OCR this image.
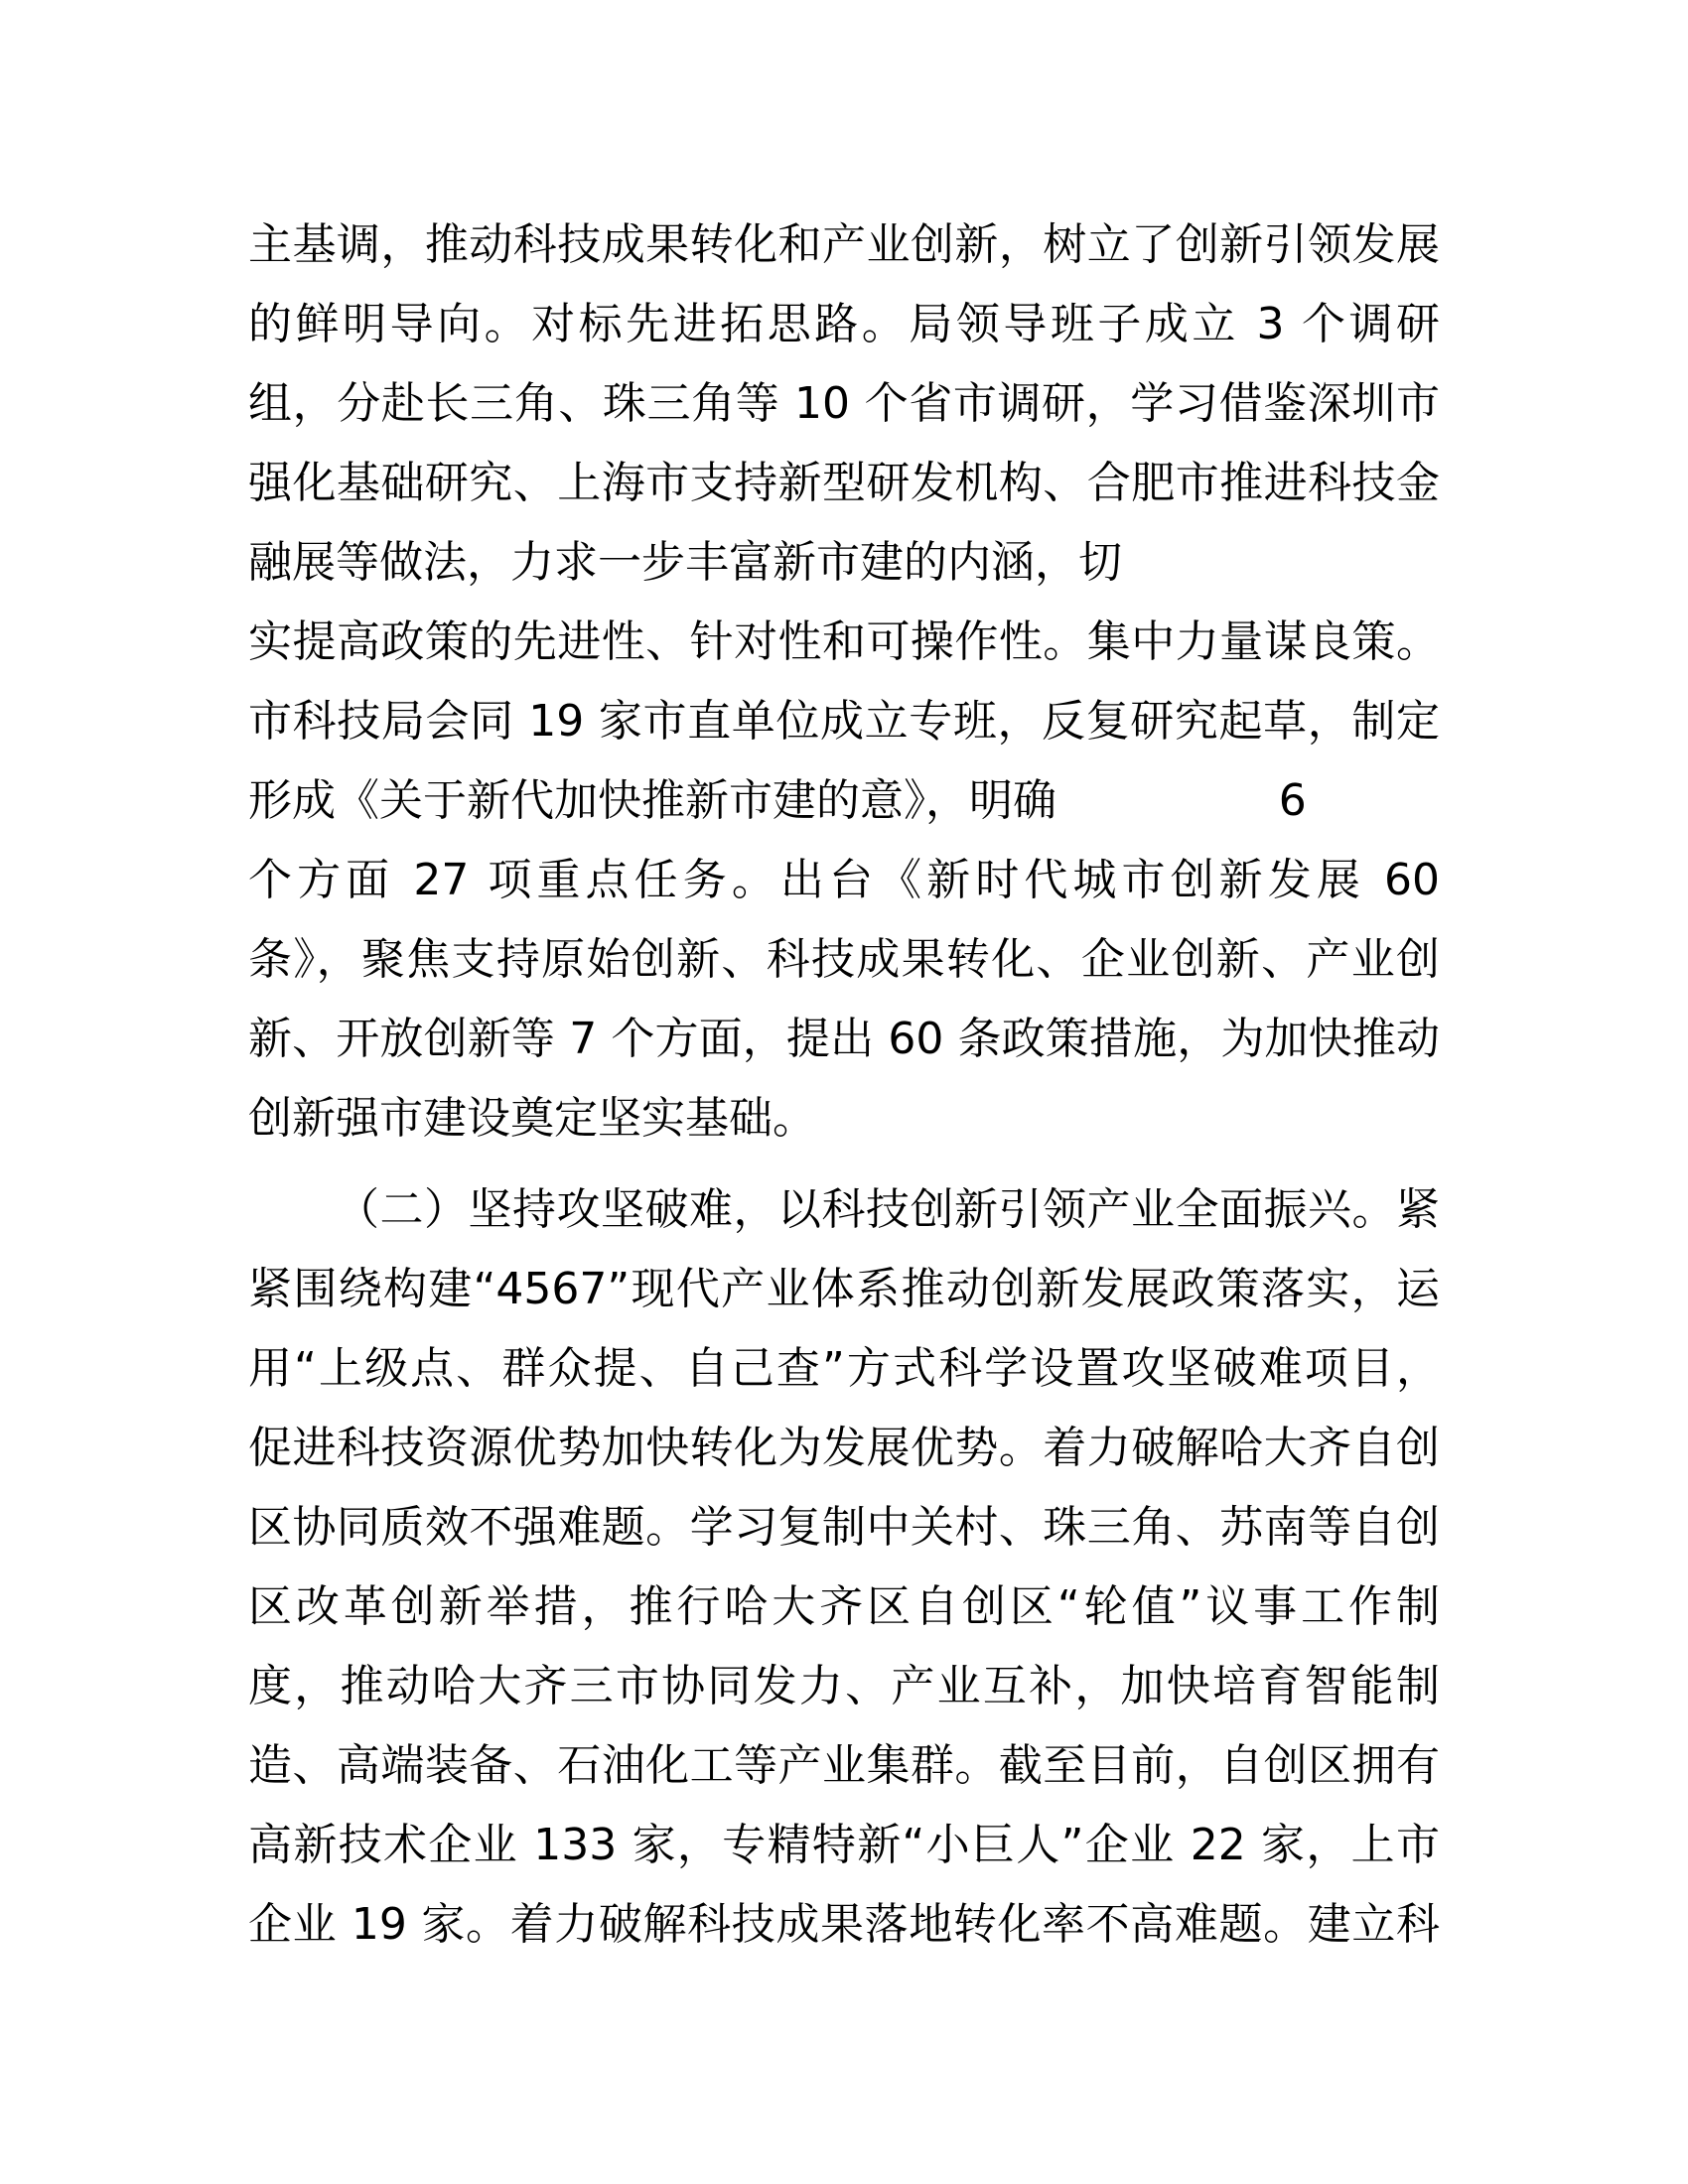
主基调，推动科技成果转化和产业创新，树立了创新引领发展
的鲜明导向。对标先进拓思路。局领导班子成立 3 个调研
组，分赴长三角、珠三角等 10 个省市调研，学习借鉴深圳市
强化基础研究、上海市支持新型研发机构、合肥市推进科技金
融展等做法，力求一步丰富新市建的内涵，切
实提高政策的先进性、针对性和可操作性。集中力量谋良策。
市科技局会同 19 家市直单位成立专班，反复研究起草，制定
形成《关于新代加快推新市建的意》，明确                6
个方面 27 项重点任务。出台《新时代城市创新发展 60
条》，聚焦支持原始创新、科技成果转化、企业创新、产业创
新、开放创新等 7 个方面，提出 60 条政策措施，为加快推动
创新强市建设奠定坚实基础。
（二）坚持攻坚破难，以科技创新引领产业全面振兴。紧
紧围绕构建“4567”现代产业体系推动创新发展政策落实，运
用“上级点、群众提、自己查”方式科学设置攻坚破难项目，
促进科技资源优势加快转化为发展优势。着力破解哈大齐自创
区协同质效不强难题。学习复制中关村、珠三角、苏南等自创
区改革创新举措，推行哈大齐区自创区“轮值”议事工作制
度，推动哈大齐三市协同发力、产业互补，加快培育智能制
造、高端装备、石油化工等产业集群。截至目前，自创区拥有
高新技术企业 133 家，专精特新“小巨人”企业 22 家，上市
企业 19 家。着力破解科技成果落地转化率不高难题。建立科
